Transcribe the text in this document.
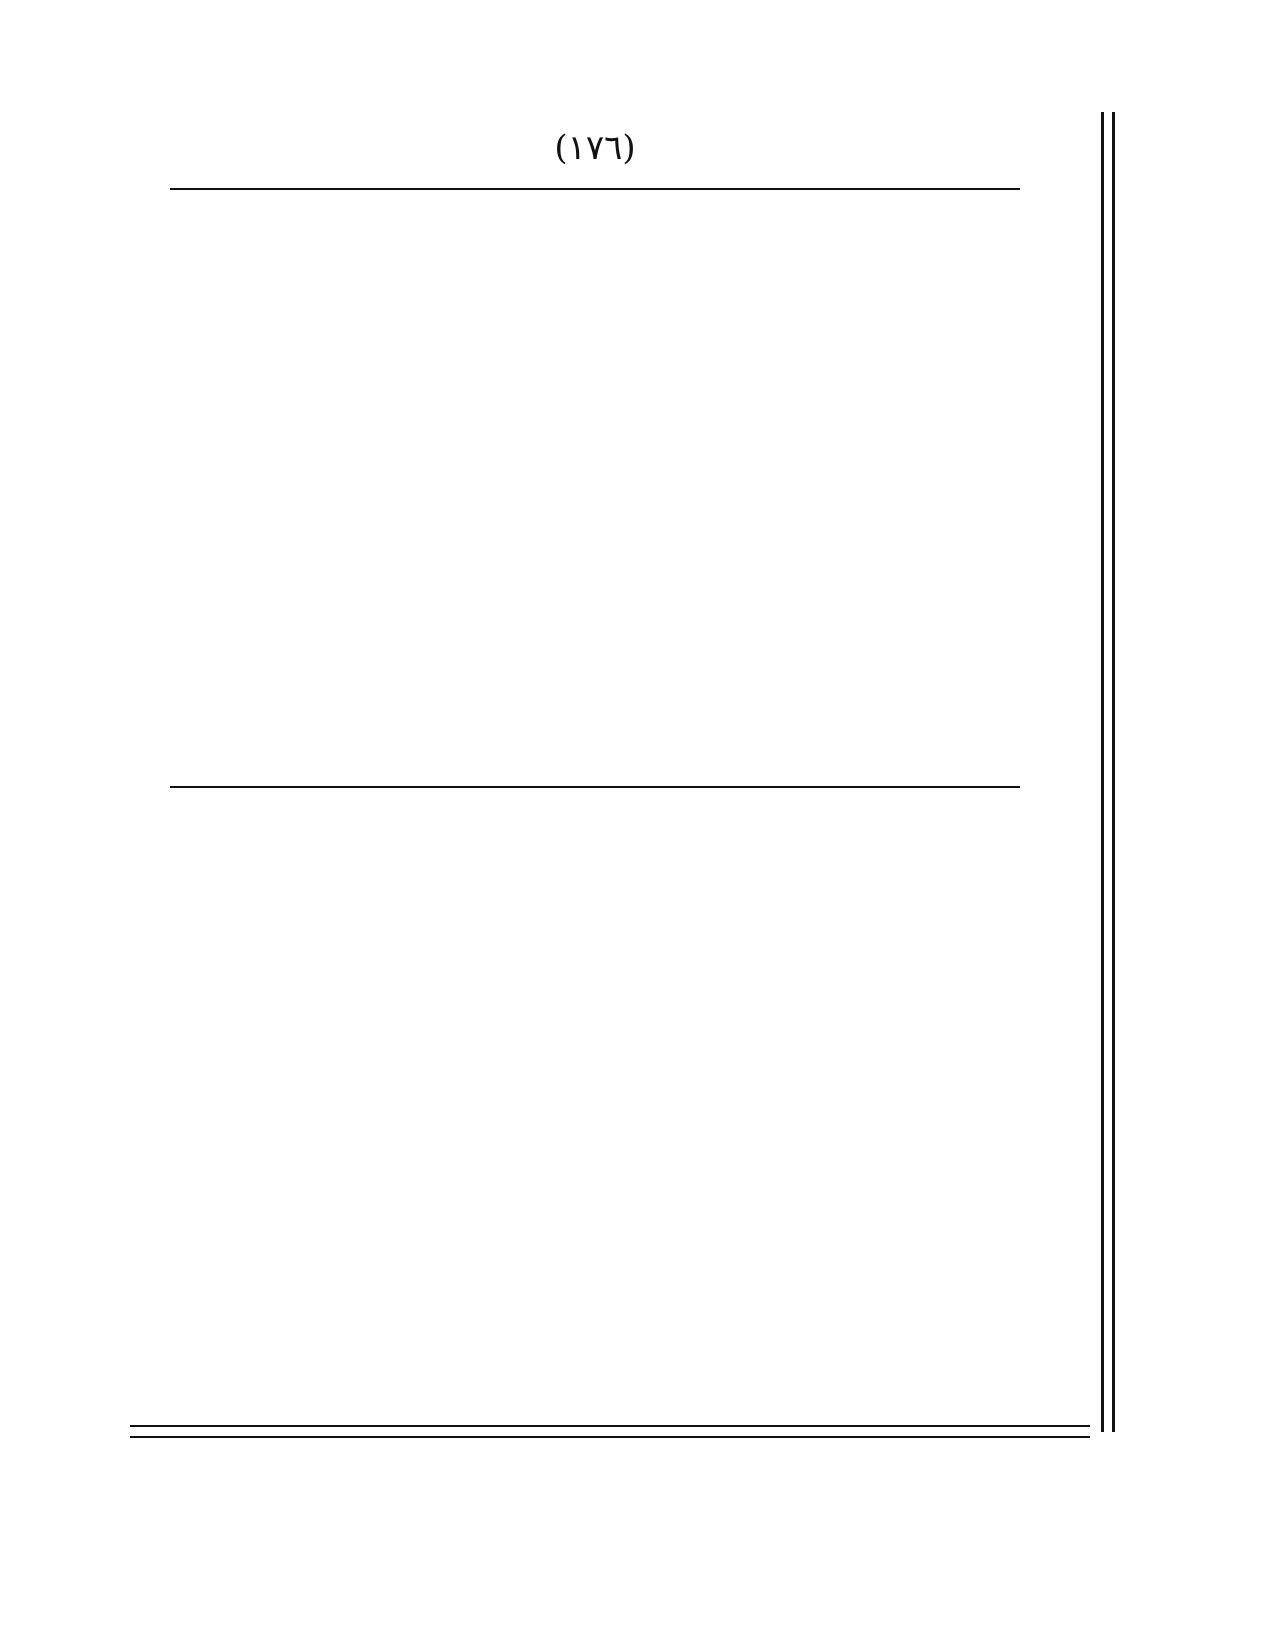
(١٧٦)
